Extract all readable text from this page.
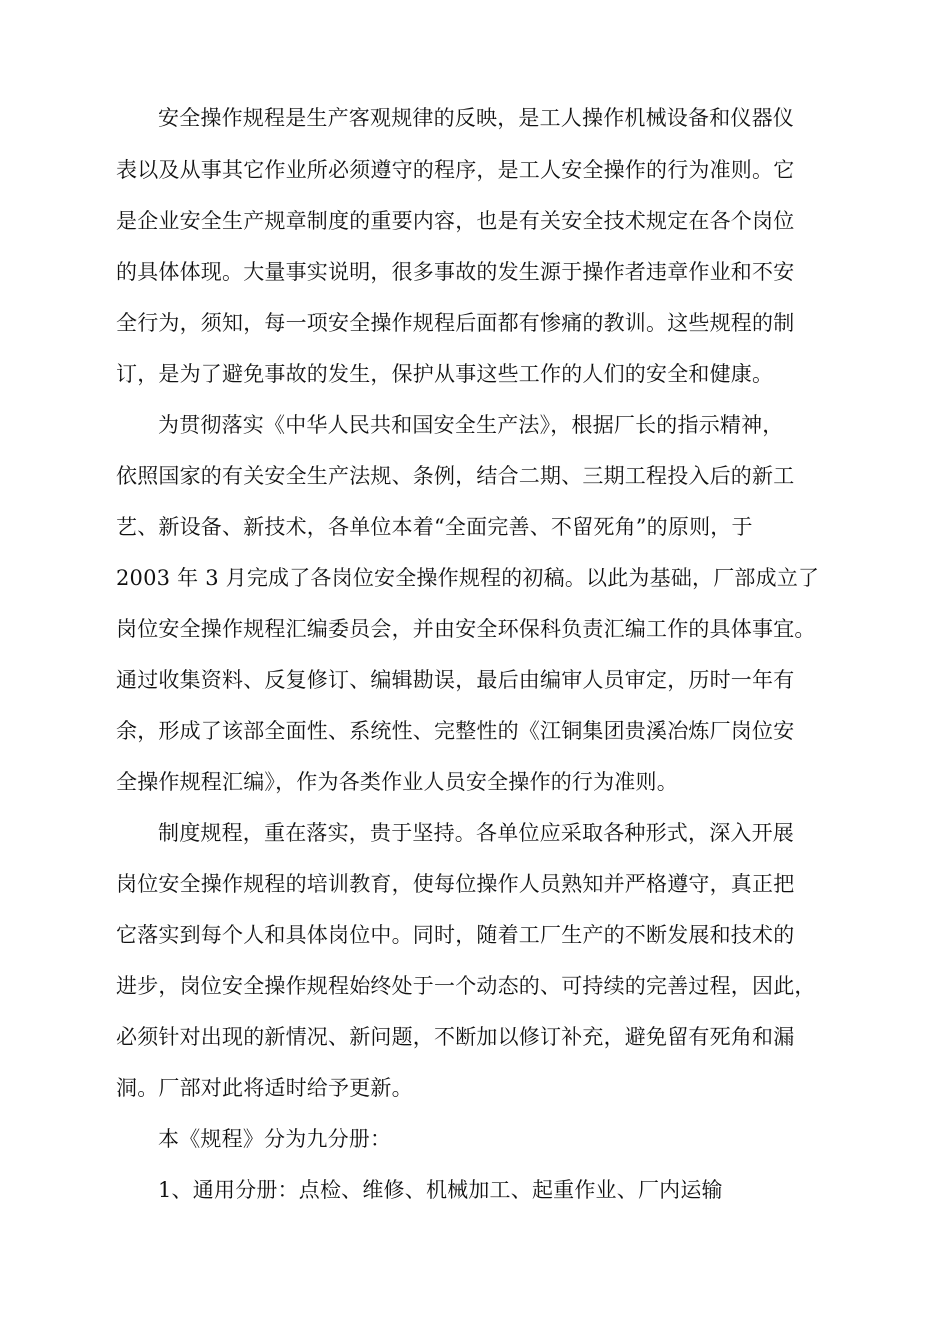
安全操作规程是生产客观规律的反映，是工人操作机械设备和仪器仪
表以及从事其它作业所必须遵守的程序，是工人安全操作的行为准则。它
是企业安全生产规章制度的重要内容，也是有关安全技术规定在各个岗位
的具体体现。大量事实说明，很多事故的发生源于操作者违章作业和不安
全行为，须知，每一项安全操作规程后面都有惨痛的教训。这些规程的制
订，是为了避免事故的发生，保护从事这些工作的人们的安全和健康。
为贯彻落实《中华人民共和国安全生产法》，根据厂长的指示精神，
依照国家的有关安全生产法规、条例，结合二期、三期工程投入后的新工
艺、新设备、新技术，各单位本着“全面完善、不留死角”的原则，于
2003 年 3 月完成了各岗位安全操作规程的初稿。以此为基础，厂部成立了
岗位安全操作规程汇编委员会，并由安全环保科负责汇编工作的具体事宜。
通过收集资料、反复修订、编辑勘误，最后由编审人员审定，历时一年有
余，形成了该部全面性、系统性、完整性的《江铜集团贵溪冶炼厂岗位安
全操作规程汇编》，作为各类作业人员安全操作的行为准则。
制度规程，重在落实，贵于坚持。各单位应采取各种形式，深入开展
岗位安全操作规程的培训教育，使每位操作人员熟知并严格遵守，真正把
它落实到每个人和具体岗位中。同时，随着工厂生产的不断发展和技术的
进步，岗位安全操作规程始终处于一个动态的、可持续的完善过程，因此，
必须针对出现的新情况、新问题，不断加以修订补充，避免留有死角和漏
洞。厂部对此将适时给予更新。
本《规程》分为九分册：
1、通用分册：点检、维修、机械加工、起重作业、厂内运输
